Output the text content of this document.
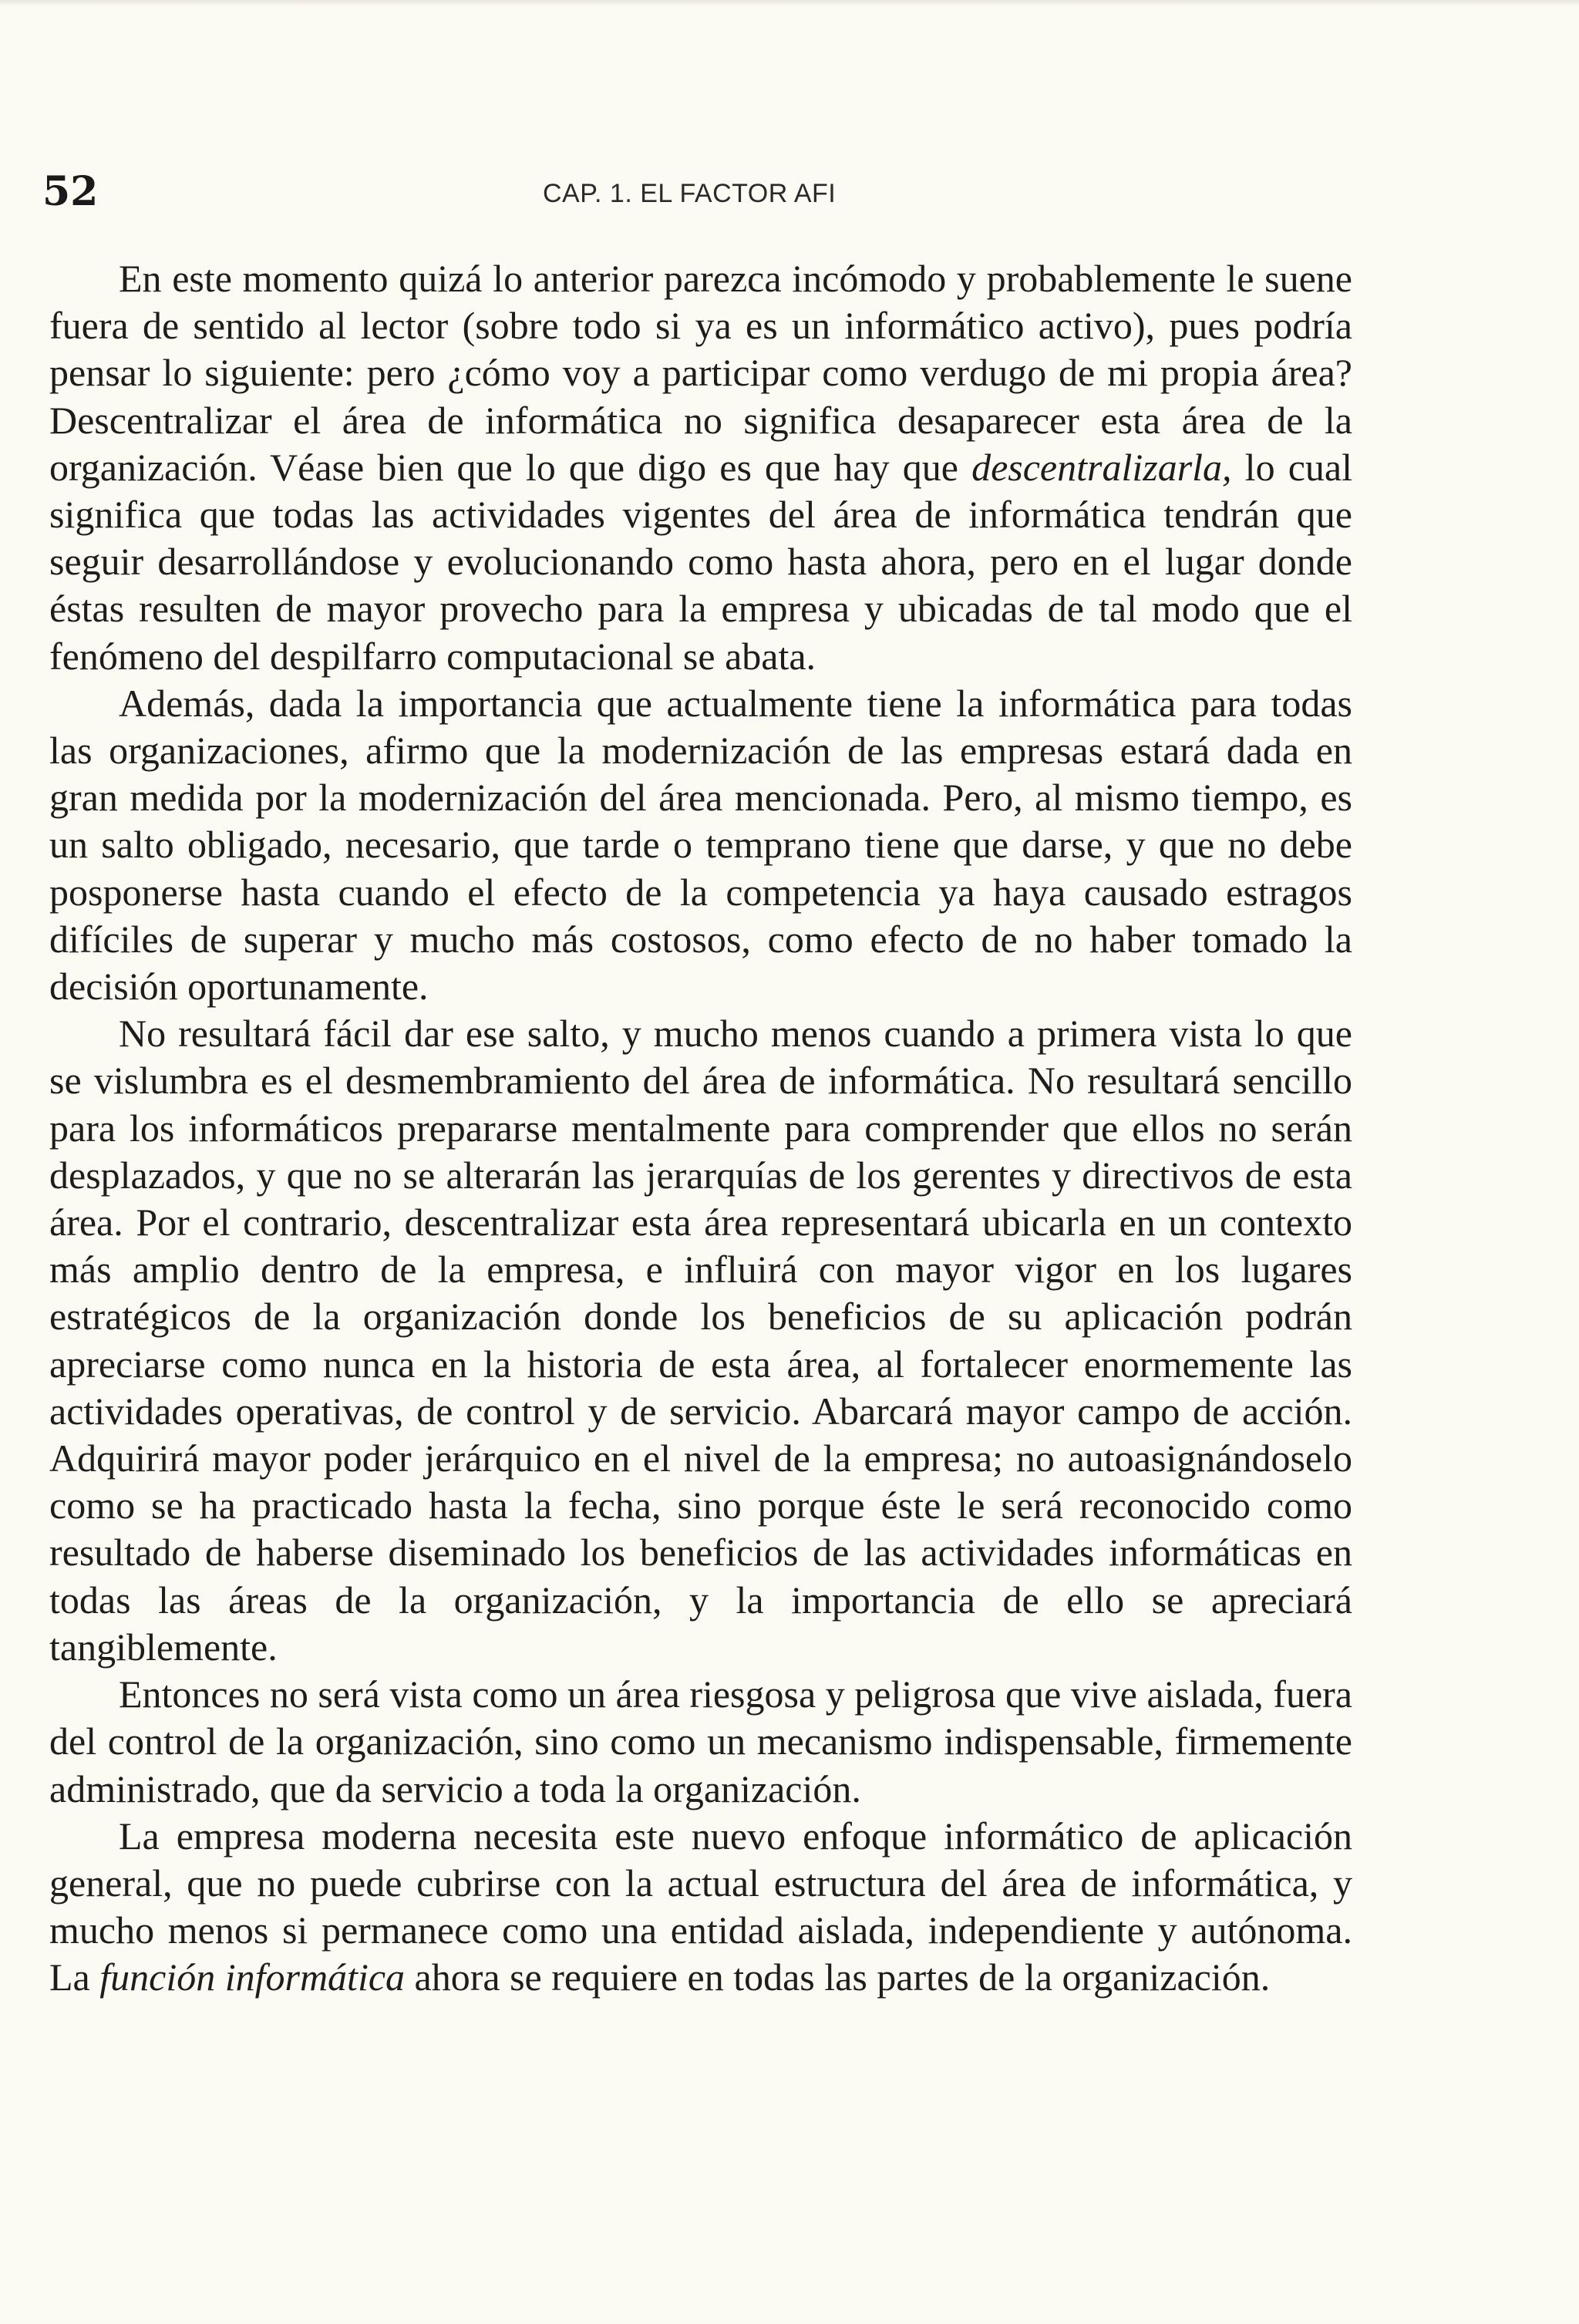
52	CAP. 1. EL FACTOR AFI

En este momento quizá lo anterior parezca incómodo y probablemente le suene fuera de sentido al lector (sobre todo si ya es un informático activo), pues podría pensar lo siguiente: pero ¿cómo voy a participar como verdugo de mi propia área? Descentralizar el área de informática no significa desaparecer esta área de la organización. Véase bien que lo que digo es que hay que descentralizarla, lo cual significa que todas las actividades vigentes del área de informática tendrán que seguir desarrollándose y evolucionando como hasta ahora, pero en el lugar donde éstas resulten de mayor provecho para la empresa y ubicadas de tal modo que el fenómeno del despilfarro computacional se abata.

Además, dada la importancia que actualmente tiene la informática para todas las organizaciones, afirmo que la modernización de las empresas estará dada en gran medida por la modernización del área mencionada. Pero, al mismo tiempo, es un salto obligado, necesario, que tarde o temprano tiene que darse, y que no debe posponerse hasta cuando el efecto de la competencia ya haya causado estragos difíciles de superar y mucho más costosos, como efecto de no haber tomado la decisión oportunamente.

No resultará fácil dar ese salto, y mucho menos cuando a primera vista lo que se vislumbra es el desmembramiento del área de informática. No resultará sencillo para los informáticos prepararse mentalmente para comprender que ellos no serán desplazados, y que no se alterarán las jerarquías de los gerentes y directivos de esta área. Por el contrario, descentralizar esta área representará ubicarla en un contexto más amplio dentro de la empresa, e influirá con mayor vigor en los lugares estratégicos de la organización donde los beneficios de su aplicación podrán apreciarse como nunca en la historia de esta área, al fortalecer enormemente las actividades operativas, de control y de servicio. Abarcará mayor campo de acción. Adquirirá mayor poder jerárquico en el nivel de la empresa; no autoasignándoselo como se ha practicado hasta la fecha, sino porque éste le será reconocido como resultado de haberse diseminado los beneficios de las actividades informáticas en todas las áreas de la organización, y la importancia de ello se apreciará tangiblemente.

Entonces no será vista como un área riesgosa y peligrosa que vive aislada, fuera del control de la organización, sino como un mecanismo indispensable, firmemente administrado, que da servicio a toda la organización.

La empresa moderna necesita este nuevo enfoque informático de aplicación general, que no puede cubrirse con la actual estructura del área de informática, y mucho menos si permanece como una entidad aislada, independiente y autónoma. La función informática ahora se requiere en todas las partes de la organización.
